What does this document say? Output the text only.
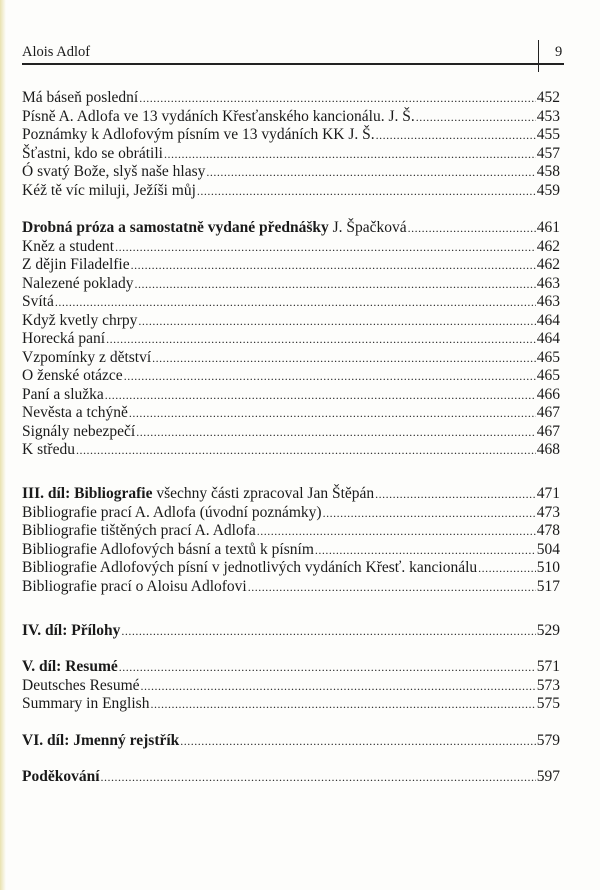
Alois Adlof	9
Má báseň poslední .....	452
Písně A. Adlofa ve 13 vydáních Křesťanského kancionálu. J. Š. .....	453
Poznámky k Adlofovým písním ve 13 vydáních KK J. Š. .....	455
Šťastni, kdo se obrátili .....	457
Ó svatý Bože, slyš naše hlasy .....	458
Kéž tě víc miluji, Ježíši můj .....	459
Drobná próza a samostatně vydané přednášky J. Špačková .....	461
Kněz a student .....	462
Z dějin Filadelfie .....	462
Nalezené poklady .....	463
Svítá .....	463
Když kvetly chrpy .....	464
Horecká paní .....	464
Vzpomínky z dětství .....	465
O ženské otázce .....	465
Paní a služka .....	466
Nevěsta a tchýně .....	467
Signály nebezpečí .....	467
K středu .....	468
III. díl: Bibliografie všechny části zpracoval Jan Štěpán .....	471
Bibliografie prací A. Adlofa (úvodní poznámky) .....	473
Bibliografie tištěných prací A. Adlofa .....	478
Bibliografie Adlofových básní a textů k písním .....	504
Bibliografie Adlofových písní v jednotlivých vydáních Křesť. kancionálu .....	510
Bibliografie prací o Aloisu Adlofovi .....	517
IV. díl: Přílohy .....	529
V. díl: Resumé .....	571
Deutsches Resumé .....	573
Summary in English .....	575
VI. díl: Jmenný rejstřík .....	579
Poděkování .....	597
